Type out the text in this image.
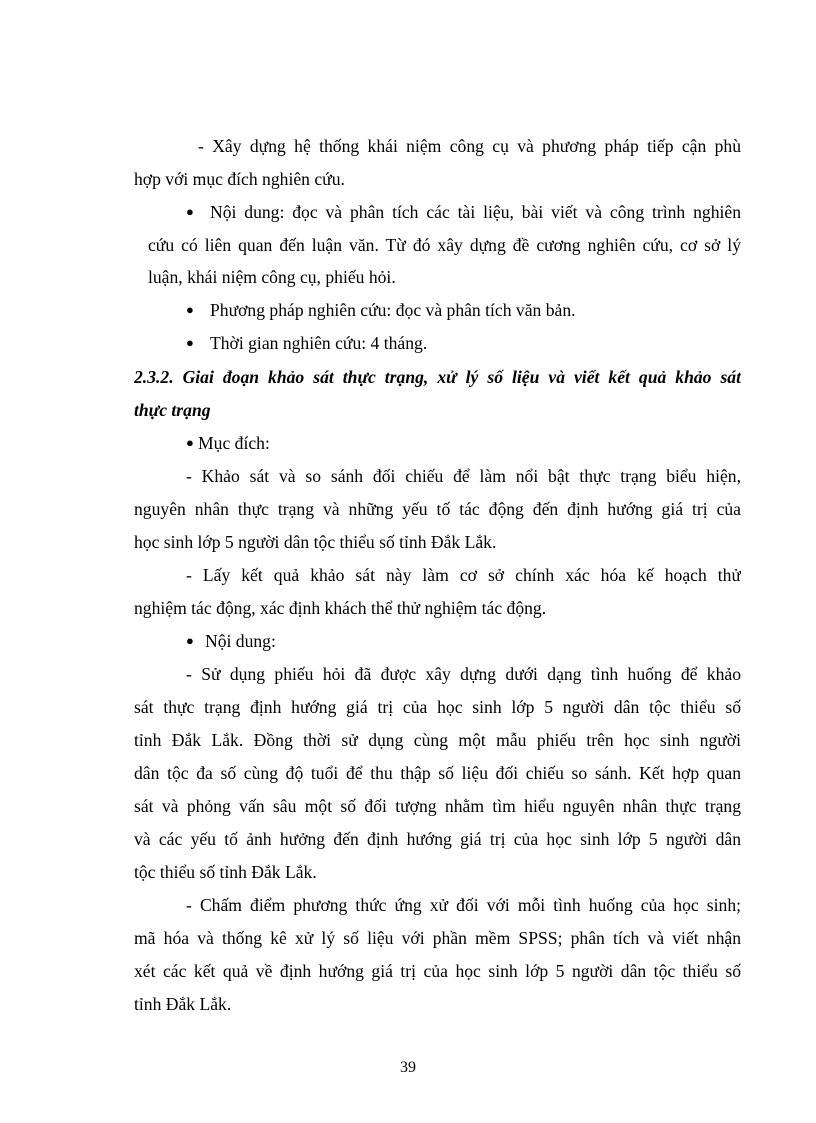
- Xây dựng hệ thống khái niệm công cụ và phương pháp tiếp cận phù

hợp với mục đích nghiên cứu.

● Nội dung: đọc và phân tích các tài liệu, bài viết và công trình nghiên

cứu có liên quan đến luận văn. Từ đó xây dựng đề cương nghiên cứu, cơ sở lý

luận, khái niệm công cụ, phiếu hỏi.

● Phương pháp nghiên cứu: đọc và phân tích văn bản.

● Thời gian nghiên cứu: 4 tháng.

2.3.2. Giai đoạn khảo sát thực trạng, xử lý số liệu và viết kết quả khảo sát

thực trạng

● Mục đích:

- Khảo sát và so sánh đối chiếu để làm nổi bật thực trạng biểu hiện,

nguyên nhân thực trạng và những yếu tố tác động đến định hướng giá trị của

học sinh lớp 5 người dân tộc thiểu số tỉnh Đắk Lắk.

- Lấy kết quả khảo sát này làm cơ sở chính xác hóa kế hoạch thử

nghiệm tác động, xác định khách thể thử nghiệm tác động.

● Nội dung:

- Sử dụng phiếu hỏi đã được xây dựng dưới dạng tình huống để khảo

sát thực trạng định hướng giá trị của học sinh lớp 5 người dân tộc thiểu số

tỉnh Đắk Lắk. Đồng thời sử dụng cùng một mẫu phiếu trên học sinh người

dân tộc đa số cùng độ tuổi để thu thập số liệu đối chiếu so sánh. Kết hợp quan

sát và phỏng vấn sâu một số đối tượng nhằm tìm hiểu nguyên nhân thực trạng

và các yếu tố ảnh hưởng đến định hướng giá trị của học sinh lớp 5 người dân

tộc thiểu số tỉnh Đắk Lắk.

- Chấm điểm phương thức ứng xử đối với mỗi tình huống của học sinh;

mã hóa và thống kê xử lý số liệu với phần mềm SPSS; phân tích và viết nhận

xét các kết quả về định hướng giá trị của học sinh lớp 5 người dân tộc thiểu số

tỉnh Đắk Lắk.

39
